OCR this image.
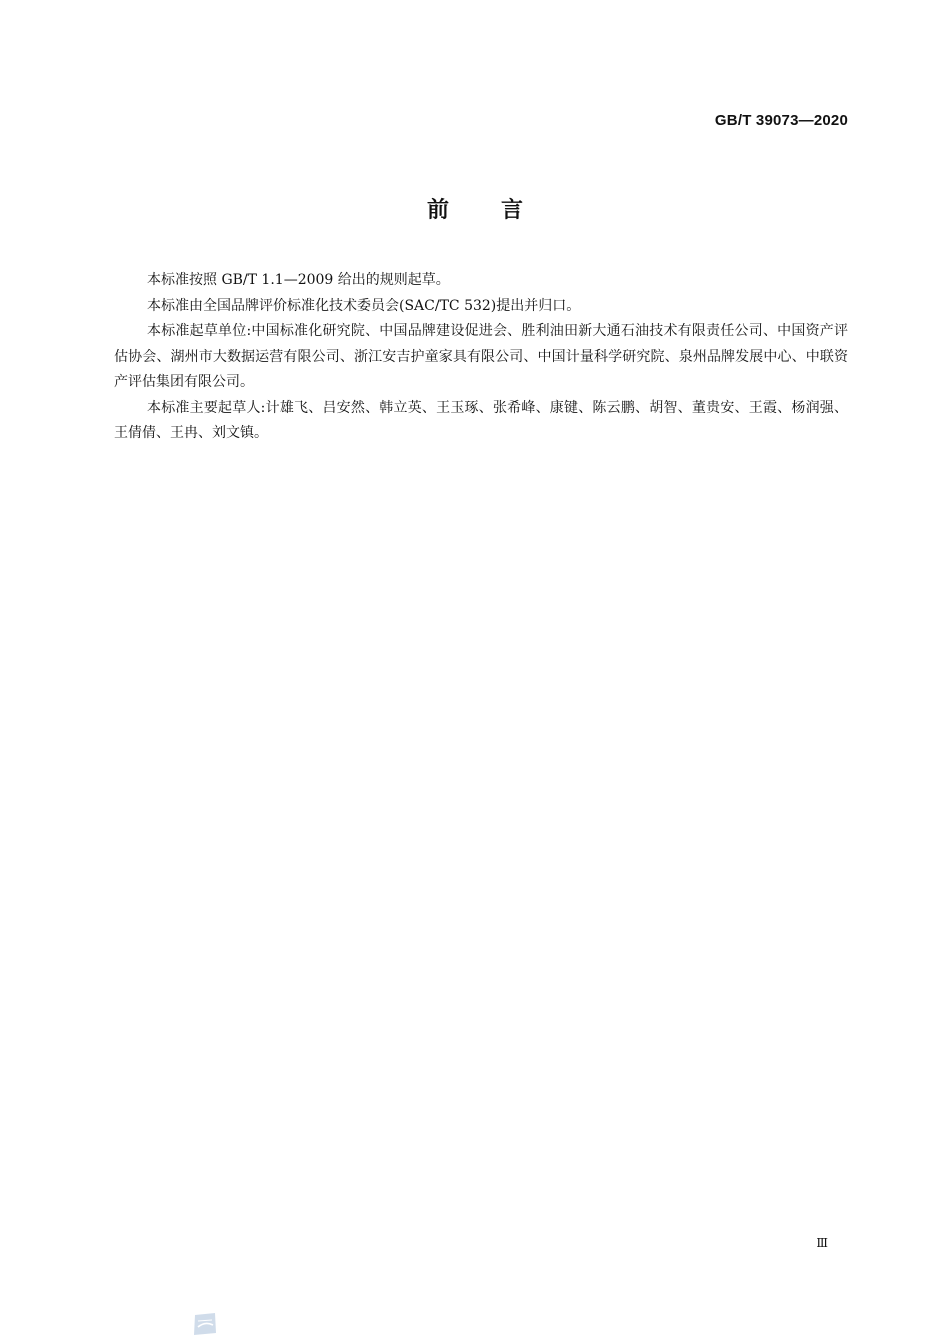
GB/T 39073—2020
前言

本标准按照 GB/T 1.1—2009 给出的规则起草。

本标准由全国品牌评价标准化技术委员会(SAC/TC 532)提出并归口。

本标准起草单位:中国标准化研究院、中国品牌建设促进会、胜利油田新大通石油技术有限责任公司、中国资产评估协会、湖州市大数据运营有限公司、浙江安吉护童家具有限公司、中国计量科学研究院、泉州品牌发展中心、中联资产评估集团有限公司。

本标准主要起草人:计雄飞、吕安然、韩立英、王玉琢、张希峰、康键、陈云鹏、胡智、董贵安、王霞、杨润强、王倩倩、王冉、刘文镇。

Ⅲ
